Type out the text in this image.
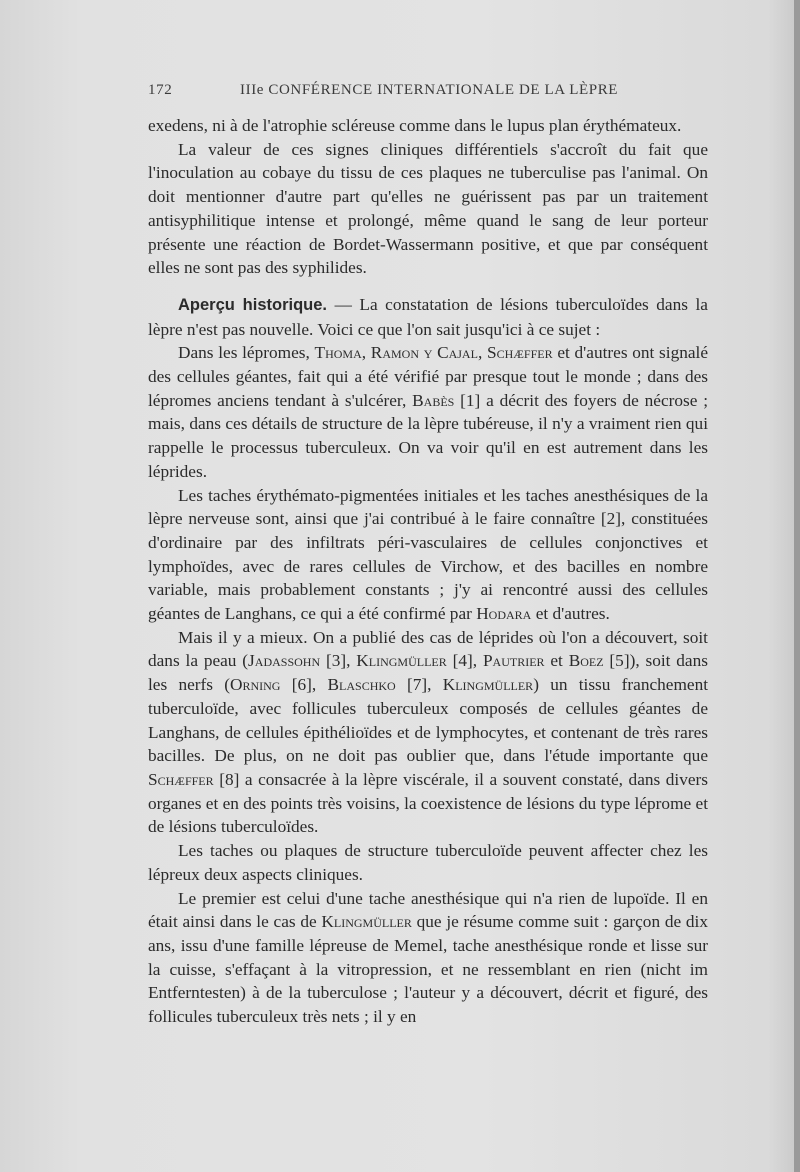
172	IIIe CONFÉRENCE INTERNATIONALE DE LA LÈPRE

exedens, ni à de l'atrophie scléreuse comme dans le lupus plan érythémateux.

La valeur de ces signes cliniques différentiels s'accroît du fait que l'inoculation au cobaye du tissu de ces plaques ne tuberculise pas l'animal. On doit mentionner d'autre part qu'elles ne guérissent pas par un traitement antisyphilitique intense et prolongé, même quand le sang de leur porteur présente une réaction de Bordet-Wassermann positive, et que par conséquent elles ne sont pas des syphilides.

Aperçu historique. — La constatation de lésions tuberculoïdes dans la lèpre n'est pas nouvelle. Voici ce que l'on sait jusqu'ici à ce sujet :

Dans les lépromes, Thoma, Ramon y Cajal, Schæffer et d'autres ont signalé des cellules géantes, fait qui a été vérifié par presque tout le monde ; dans des lépromes anciens tendant à s'ulcérer, Babès [1] a décrit des foyers de nécrose ; mais, dans ces détails de structure de la lèpre tubéreuse, il n'y a vraiment rien qui rappelle le processus tuberculeux. On va voir qu'il en est autrement dans les léprides.

Les taches érythémato-pigmentées initiales et les taches anesthésiques de la lèpre nerveuse sont, ainsi que j'ai contribué à le faire connaître [2], constituées d'ordinaire par des infiltrats péri-vasculaires de cellules conjonctives et lymphoïdes, avec de rares cellules de Virchow, et des bacilles en nombre variable, mais probablement constants ; j'y ai rencontré aussi des cellules géantes de Langhans, ce qui a été confirmé par Hodara et d'autres.

Mais il y a mieux. On a publié des cas de léprides où l'on a découvert, soit dans la peau (Jadassohn [3], Klingmüller [4], Pautrier et Boez [5]), soit dans les nerfs (Orning [6], Blaschko [7], Klingmüller) un tissu franchement tuberculoïde, avec follicules tuberculeux composés de cellules géantes de Langhans, de cellules épithélioïdes et de lymphocytes, et contenant de très rares bacilles. De plus, on ne doit pas oublier que, dans l'étude importante que Schæffer [8] a consacrée à la lèpre viscérale, il a souvent constaté, dans divers organes et en des points très voisins, la coexistence de lésions du type léprome et de lésions tuberculoïdes.

Les taches ou plaques de structure tuberculoïde peuvent affecter chez les lépreux deux aspects cliniques.

Le premier est celui d'une tache anesthésique qui n'a rien de lupoïde. Il en était ainsi dans le cas de Klingmüller que je résume comme suit : garçon de dix ans, issu d'une famille lépreuse de Memel, tache anesthésique ronde et lisse sur la cuisse, s'effaçant à la vitropression, et ne ressemblant en rien (nicht im Entferntesten) à de la tuberculose ; l'auteur y a découvert, décrit et figuré, des follicules tuberculeux très nets ; il y en
